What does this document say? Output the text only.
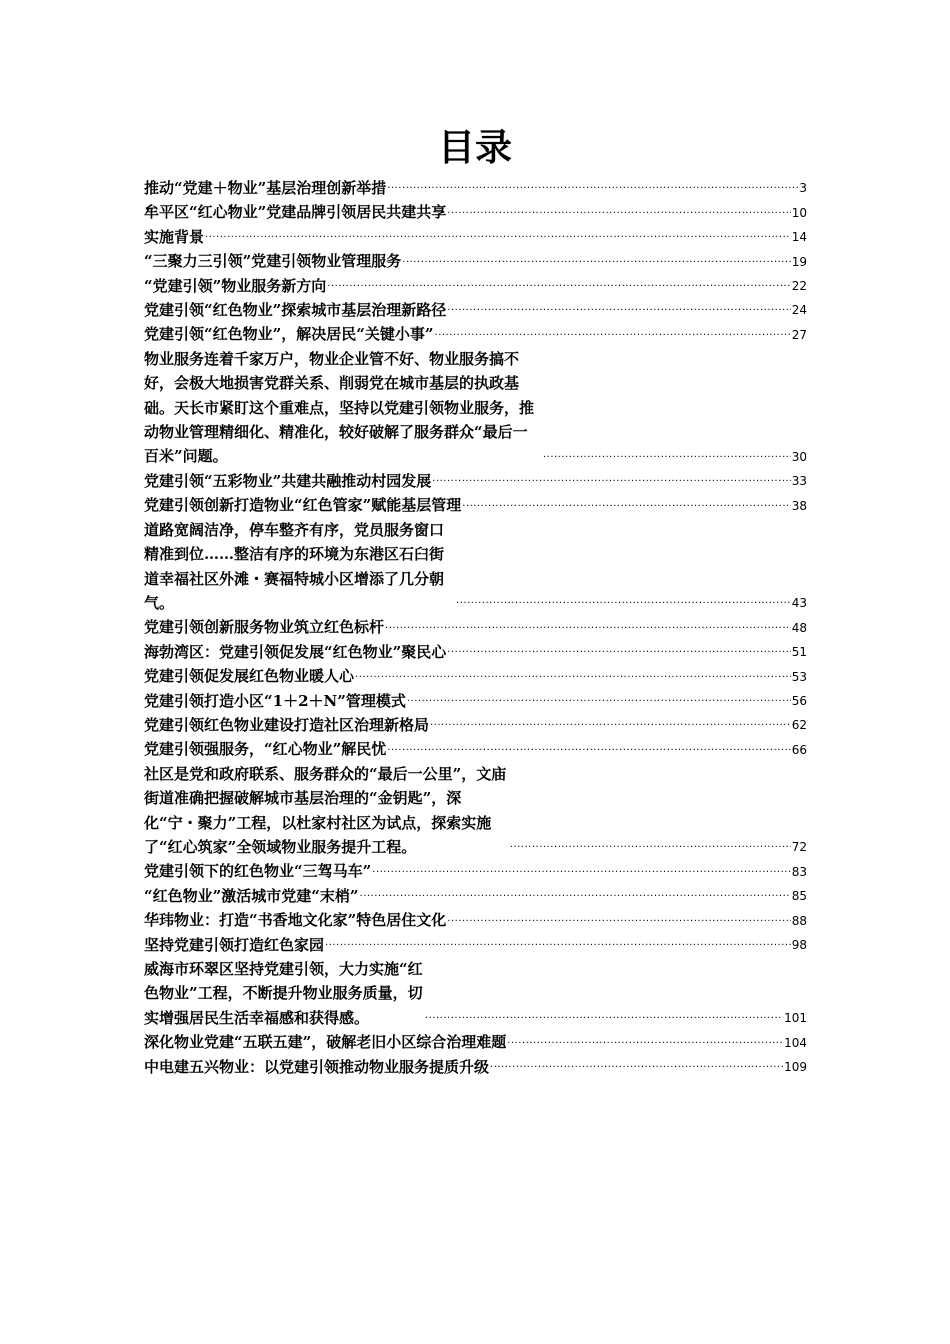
目录
推动“党建＋物业”基层治理创新举措 .....	3
牟平区“红心物业”党建品牌引领居民共建共享 .....	10
实施背景 .....	14
“三聚力三引领”党建引领物业管理服务 .....	19
“党建引领”物业服务新方向 .....	22
党建引领“红色物业”探索城市基层治理新路径 .....	24
党建引领“红色物业”，解决居民“关键小事” .....	27
物业服务连着千家万户，物业企业管不好、物业服务搞不好，会极大地损害党群关系、削弱党在城市基层的执政基础。天长市紧盯这个重难点，坚持以党建引领物业服务，推动物业管理精细化、精准化，较好破解了服务群众“最后一百米”问题。 .....	30
党建引领“五彩物业”共建共融推动村园发展 .....	33
党建引领创新打造物业“红色管家”赋能基层管理 .....	38
道路宽阔洁净，停车整齐有序，党员服务窗口精准到位……整洁有序的环境为东港区石臼街道幸福社区外滩・赛福特城小区增添了几分朝气。 .....	43
党建引领创新服务物业筑立红色标杆 .....	48
海勃湾区：党建引领促发展“红色物业”聚民心 .....	51
党建引领促发展红色物业暖人心 .....	53
党建引领打造小区“1＋2＋N”管理模式 .....	56
党建引领红色物业建设打造社区治理新格局 .....	62
党建引领强服务，“红心物业”解民忧 .....	66
社区是党和政府联系、服务群众的“最后一公里”，文庙街道准确把握破解城市基层治理的“金钥匙”，深化“宁・聚力”工程，以杜家村社区为试点，探索实施了“红心筑家”全领域物业服务提升工程。 .....	72
党建引领下的红色物业“三驾马车” .....	83
“红色物业”激活城市党建“末梢” .....	85
华玮物业：打造“书香地文化家”特色居住文化 .....	88
坚持党建引领打造红色家园 .....	98
威海市环翠区坚持党建引领，大力实施“红色物业”工程，不断提升物业服务质量，切实增强居民生活幸福感和获得感。 .....	101
深化物业党建“五联五建”，破解老旧小区综合治理难题 .....	104
中电建五兴物业：以党建引领推动物业服务提质升级 .....	109
